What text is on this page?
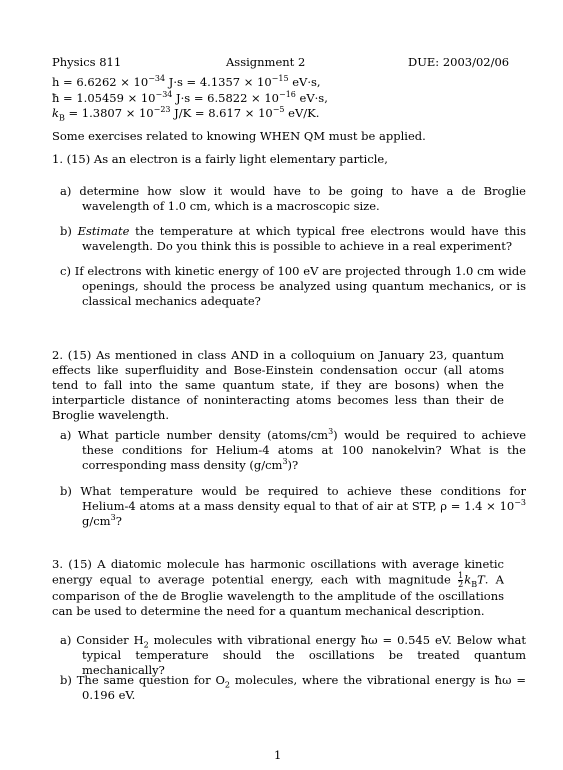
Physics 811	Assignment 2	DUE: 2003/02/06
$h = 6.6262 \times 10^{-34}$ $J\cdot s = 4.1357 \times 10^{-15}$ eV·s,
ħ = $1.05459 \times 10^{-34}$ $J\cdot s = 6.5822 \times 10^{-16}$ eV·s,
$k_B = 1.3807 \times 10^{-23}$ $J/K = 8.617 \times 10^{-5}$ eV/K.
Some exercises related to knowing WHEN QM must be applied.
1. (15) As an electron is a fairly light elementary particle,
a) determine how slow it would have to be going to have a de Broglie wavelength of 1.0 cm, which is a macroscopic size.
b) Estimate the temperature at which typical free electrons would have this wavelength. Do you think this is possible to achieve in a real experiment?
c) If electrons with kinetic energy of 100 eV are projected through 1.0 cm wide openings, should the process be analyzed using quantum mechanics, or is classical mechanics adequate?
2. (15) As mentioned in class AND in a colloquium on January 23, quantum effects like superfluidity and Bose-Einstein condensation occur (all atoms tend to fall into the same quantum state, if they are bosons) when the interparticle distance of noninteracting atoms becomes less than their de Broglie wavelength.
a) What particle number density $(atoms/cm^3)$ would be required to achieve these conditions for Helium-4 atoms at 100 nanokelvin? What is the corresponding mass density $(g/cm^3)$?
b) What temperature would be required to achieve these conditions for Helium-4 atoms at a mass density equal to that of air at STP, $\rho = 1.4 \times 10^{-3}$ $g/cm^3$?
3. (15) A diatomic molecule has harmonic oscillations with average kinetic energy equal to average potential energy, each with magnitude $\frac{1}{2} k_BT$. A comparison of the de Broglie wavelength to the amplitude of the oscillations can be used to determine the need for a quantum mechanical description.
a) Consider $H_2$ molecules with vibrational energy ħω = 0.545 eV. Below what typical temperature should the oscillations be treated quantum mechanically?
b) The same question for $O_2$ molecules, where the vibrational energy is ħω = 0.196 eV.
1
